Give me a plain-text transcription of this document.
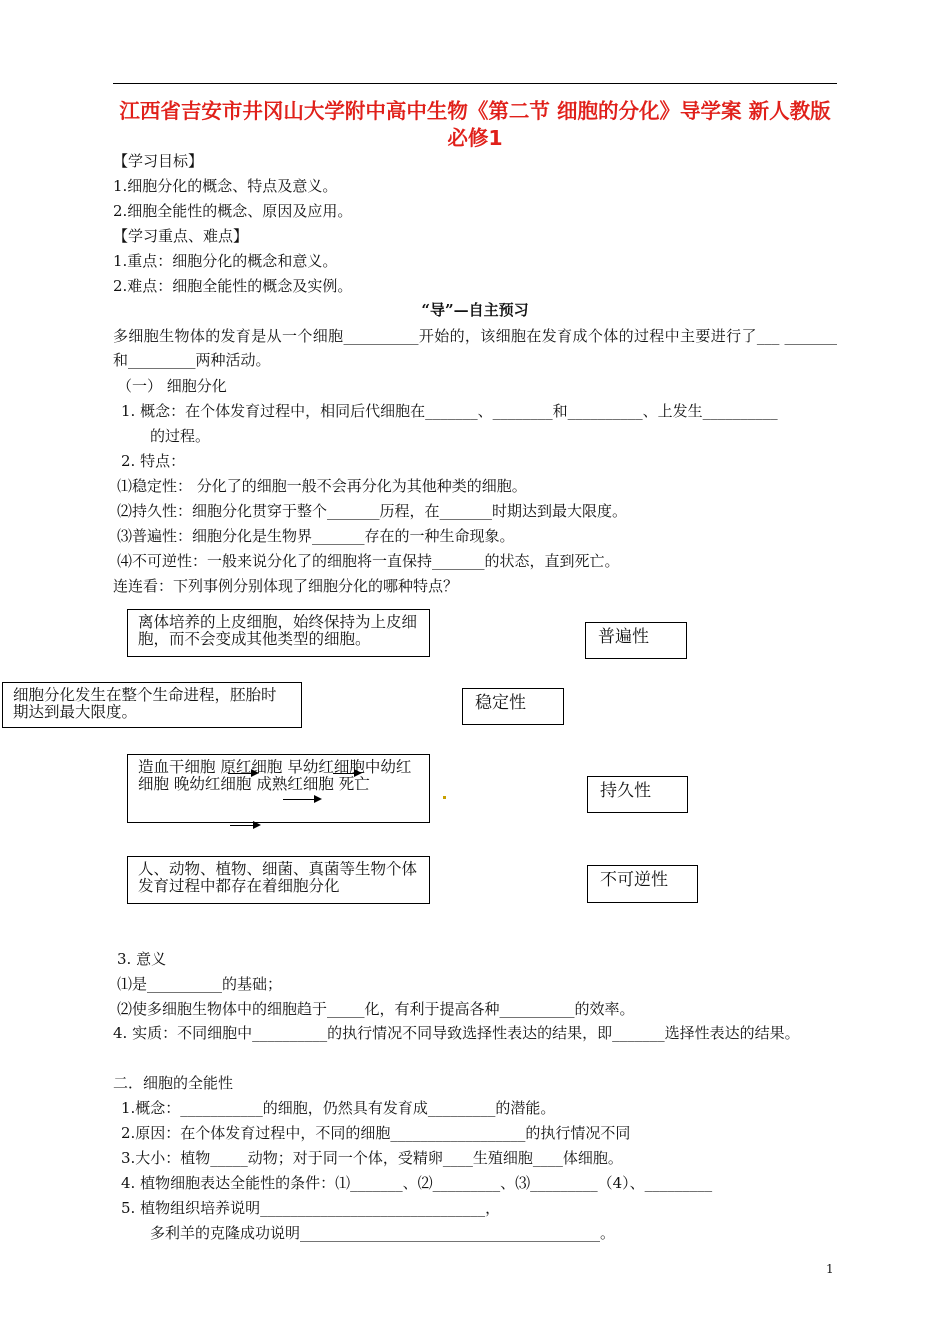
江西省吉安市井冈山大学附中高中生物《第二节 细胞的分化》导学案 新人教版必修1
【学习目标】
1.细胞分化的概念、特点及意义。
2.细胞全能性的概念、原因及应用。
【学习重点、难点】
1.重点：细胞分化的概念和意义。
2.难点：细胞全能性的概念及实例。
“导”—自主预习
多细胞生物体的发育是从一个细胞__________开始的，该细胞在发育成个体的过程中主要进行了___ _______和_________两种活动。
（一） 细胞分化
1. 概念：在个体发育过程中，相同后代细胞在_______、________和__________、上发生__________
的过程。
2. 特点：
⑴稳定性： 分化了的细胞一般不会再分化为其他种类的细胞。
⑵持久性：细胞分化贯穿于整个_______历程，在_______时期达到最大限度。
⑶普遍性：细胞分化是生物界_______存在的一种生命现象。
⑷不可逆性：一般来说分化了的细胞将一直保持_______的状态，直到死亡。
连连看：下列事例分别体现了细胞分化的哪种特点？
离体培养的上皮细胞，始终保持为上皮细胞，而不会变成其他类型的细胞。
细胞分化发生在整个生命进程，胚胎时期达到最大限度。
造血干细胞 原红细胞 早幼红细胞中幼红细胞 晚幼红细胞 成熟红细胞 死亡
人、动物、植物、细菌、真菌等生物个体发育过程中都存在着细胞分化
普遍性
稳定性
持久性
不可逆性
3. 意义
⑴是__________的基础；
⑵使多细胞生物体中的细胞趋于_____化，有利于提高各种__________的效率。
4. 实质：不同细胞中__________的执行情况不同导致选择性表达的结果，即_______选择性表达的结果。
二．细胞的全能性
1.概念：___________的细胞，仍然具有发育成_________的潜能。
2.原因：在个体发育过程中，不同的细胞__________________的执行情况不同
3.大小：植物_____动物；对于同一个体，受精卵____生殖细胞____体细胞。
4. 植物细胞表达全能性的条件：⑴_______、⑵_________、⑶_________（4）、_________
5. 植物组织培养说明______________________________，
多利羊的克隆成功说明________________________________________。
1
